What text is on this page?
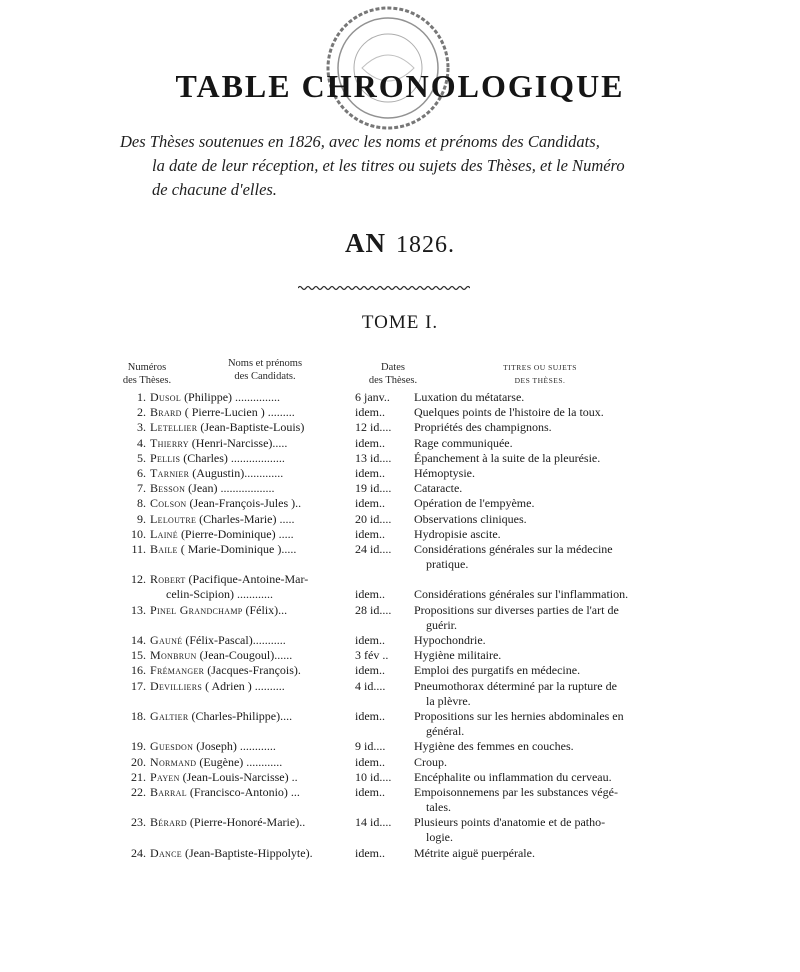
TABLE CHRONOLOGIQUE
Des Thèses soutenues en 1826, avec les noms et prénoms des Candidats,
la date de leur réception, et les titres ou sujets des Thèses, et le Numéro
de chacune d'elles.
AN 1826.
TOME I.
Numéros
des Thèses.
Noms et prénoms
des Candidats.
Dates
des Thèses.
TITRES OU SUJETS
DES THÈSES.
1. Dusol (Philippe) ...............	6 janv..	Luxation du métatarse.
2. Brard ( Pierre-Lucien ) .........	idem..	Quelques points de l'histoire de la toux.
3. Letellier (Jean-Baptiste-Louis)	12 id....	Propriétés des champignons.
4. Thierry (Henri-Narcisse).....	idem..	Rage communiquée.
5. Pellis (Charles) ..................	13 id....	Épanchement à la suite de la pleurésie.
6. Tarnier (Augustin).............	idem..	Hémoptysie.
7. Besson (Jean) ..................	19 id....	Cataracte.
8. Colson (Jean-François-Jules )..	idem..	Opération de l'empyème.
9. Leloutre (Charles-Marie) .....	20 id....	Observations cliniques.
10. Lainé (Pierre-Dominique) .....	idem..	Hydropisie ascite.
11. Baile ( Marie-Dominique ).....	24 id....	Considérations générales sur la médecine
pratique.
12. Robert (Pacifique-Antoine-Mar-
celin-Scipion) ............	idem..	Considérations générales sur l'inflammation.
13. Pinel Grandchamp (Félix)...	28 id....	Propositions sur diverses parties de l'art de
guérir.
14. Gauné (Félix-Pascal)...........	idem..	Hypochondrie.
15. Monbrun (Jean-Cougoul)......	3 fév ..	Hygiène militaire.
16. Frémanger (Jacques-François).	idem..	Emploi des purgatifs en médecine.
17. Devilliers ( Adrien ) ..........	4 id....	Pneumothorax déterminé par la rupture de
la plèvre.
18. Galtier (Charles-Philippe)....	idem..	Propositions sur les hernies abdominales en
général.
19. Guesdon (Joseph) ............	9 id....	Hygiène des femmes en couches.
20. Normand (Eugène) ............	idem..	Croup.
21. Payen (Jean-Louis-Narcisse) ..	10 id....	Encéphalite ou inflammation du cerveau.
22. Barral (Francisco-Antonio) ...	idem..	Empoisonnemens par les substances végé-
tales.
23. Bérard (Pierre-Honoré-Marie)..	14 id....	Plusieurs points d'anatomie et de patho-
logie.
24. Dance (Jean-Baptiste-Hippolyte).	idem..	Métrite aiguë puerpérale.
